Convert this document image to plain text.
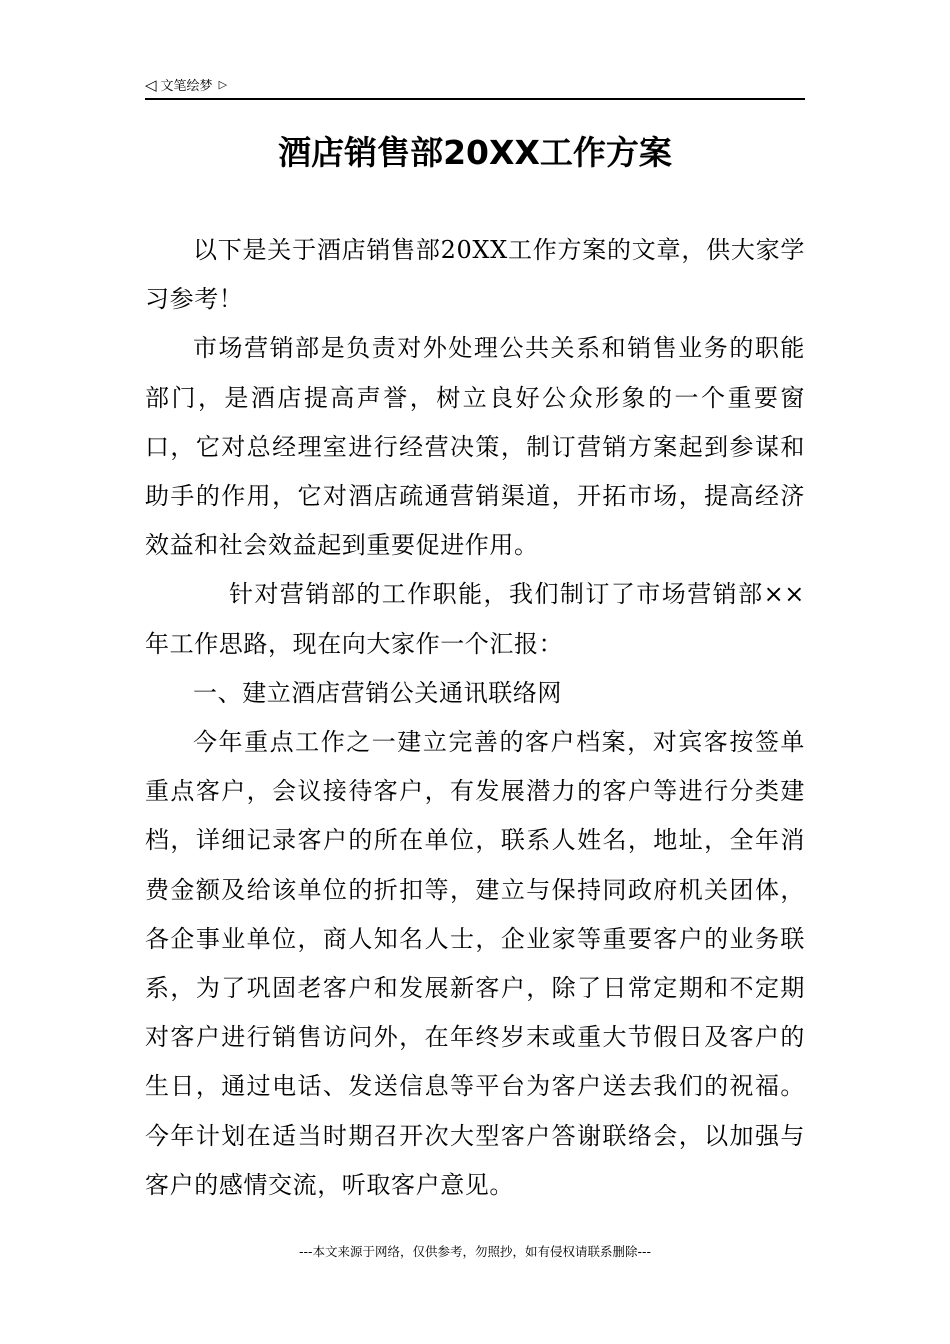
◁ 文笔绘梦 ▷
酒店销售部20XX工作方案

以下是关于酒店销售部20XX工作方案的文章，供大家学习参考！

市场营销部是负责对外处理公共关系和销售业务的职能部门，是酒店提高声誉，树立良好公众形象的一个重要窗口，它对总经理室进行经营决策，制订营销方案起到参谋和助手的作用，它对酒店疏通营销渠道，开拓市场，提高经济效益和社会效益起到重要促进作用。

针对营销部的工作职能，我们制订了市场营销部××年工作思路，现在向大家作一个汇报：

一、建立酒店营销公关通讯联络网

今年重点工作之一建立完善的客户档案，对宾客按签单重点客户，会议接待客户，有发展潜力的客户等进行分类建档，详细记录客户的所在单位，联系人姓名，地址，全年消费金额及给该单位的折扣等，建立与保持同政府机关团体，各企事业单位，商人知名人士，企业家等重要客户的业务联系，为了巩固老客户和发展新客户，除了日常定期和不定期对客户进行销售访问外，在年终岁末或重大节假日及客户的生日，通过电话、发送信息等平台为客户送去我们的祝福。今年计划在适当时期召开次大型客户答谢联络会，以加强与客户的感情交流，听取客户意见。

---本文来源于网络，仅供参考，勿照抄，如有侵权请联系删除---
